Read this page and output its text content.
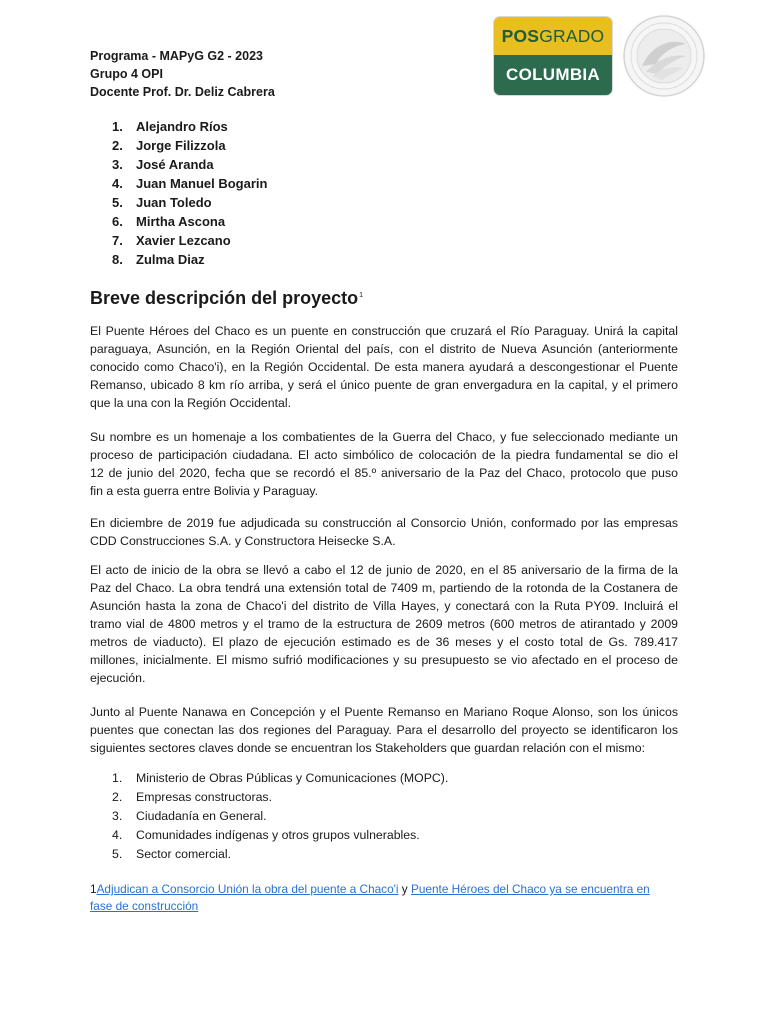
Programa - MAPyG G2 - 2023
Grupo 4 OPI
Docente Prof. Dr. Deliz Cabrera
POS GRADO
COLUMBIA
1. Alejandro Ríos
2. Jorge Filizzola
3. José Aranda
4. Juan Manuel Bogarin
5. Juan Toledo
6. Mirtha Ascona
7. Xavier Lezcano
8. Zulma Diaz
Breve descripción del proyecto$^1$

El Puente Héroes del Chaco es un puente en construcción que cruzará el Río Paraguay. Unirá la capital
paraguaya, Asunción, en la Región Oriental del país, con el distrito de Nueva Asunción (anteriormente
conocido como Chaco'i), en la Región Occidental. De esta manera ayudará a descongestionar el Puente
Remanso, ubicado 8 km río arriba, y será el único puente de gran envergadura en la capital, y el primero
que la una con la Región Occidental.

Su nombre es un homenaje a los combatientes de la Guerra del Chaco, y fue seleccionado mediante un
proceso de participación ciudadana. El acto simbólico de colocación de la piedra fundamental se dio el
12 de junio del 2020, fecha que se recordó el 85.º aniversario de la Paz del Chaco, protocolo que puso
fin a esta guerra entre Bolivia y Paraguay.

En diciembre de 2019 fue adjudicada su construcción al Consorcio Unión, conformado por las empresas
CDD Construcciones S.A. y Constructora Heisecke S.A.

El acto de inicio de la obra se llevó a cabo el 12 de junio de 2020, en el 85 aniversario de la firma de la
Paz del Chaco. La obra tendrá una extensión total de 7409 m, partiendo de la rotonda de la Costanera de
Asunción hasta la zona de Chaco'i del distrito de Villa Hayes, y conectará con la Ruta PY09. Incluirá el
tramo vial de 4800 metros y el tramo de la estructura de 2609 metros (600 metros de atirantado y 2009
metros de viaducto). El plazo de ejecución estimado es de 36 meses y el costo total de Gs. 789.417
millones, inicialmente. El mismo sufrió modificaciones y su presupuesto se vio afectado en el proceso de
ejecución.

Junto al Puente Nanawa en Concepción y el Puente Remanso en Mariano Roque Alonso, son los únicos
puentes que conectan las dos regiones del Paraguay. Para el desarrollo del proyecto se identificaron los
siguientes sectores claves donde se encuentran los Stakeholders que guardan relación con el mismo:

1. Ministerio de Obras Públicas y Comunicaciones (MOPC).
2. Empresas constructoras.
3. Ciudadanía en General.
4. Comunidades indígenas y otros grupos vulnerables.
5. Sector comercial.
1Adjudican a Consorcio Unión la obra del puente a Chaco'i y Puente Héroes del Chaco ya se encuentra en
fase de construcción
